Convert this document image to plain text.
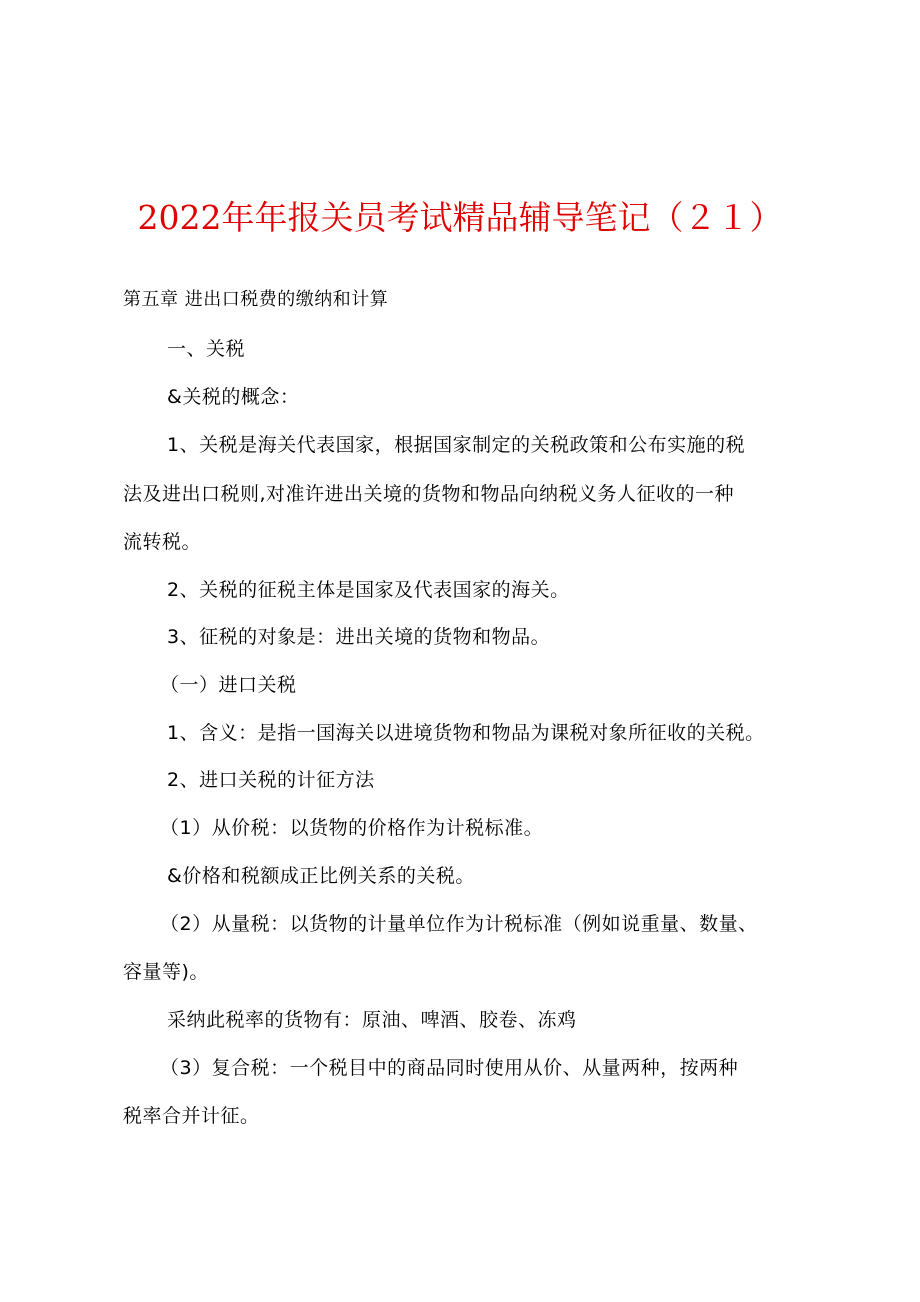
2022年年报关员考试精品辅导笔记（２１）

第五章 进出口税费的缴纳和计算

一、关税

&关税的概念：

1、关税是海关代表国家，根据国家制定的关税政策和公布实施的税

法及进出口税则,对准许进出关境的货物和物品向纳税义务人征收的一种

流转税。

2、关税的征税主体是国家及代表国家的海关。

3、征税的对象是：进出关境的货物和物品。

（一）进口关税

1、含义：是指一国海关以进境货物和物品为课税对象所征收的关税。

2、进口关税的计征方法

（1）从价税：以货物的价格作为计税标准。

&价格和税额成正比例关系的关税。

（2）从量税：以货物的计量单位作为计税标准（例如说重量、数量、

容量等)。

采纳此税率的货物有：原油、啤酒、胶卷、冻鸡

（3）复合税：一个税目中的商品同时使用从价、从量两种，按两种

税率合并计征。
